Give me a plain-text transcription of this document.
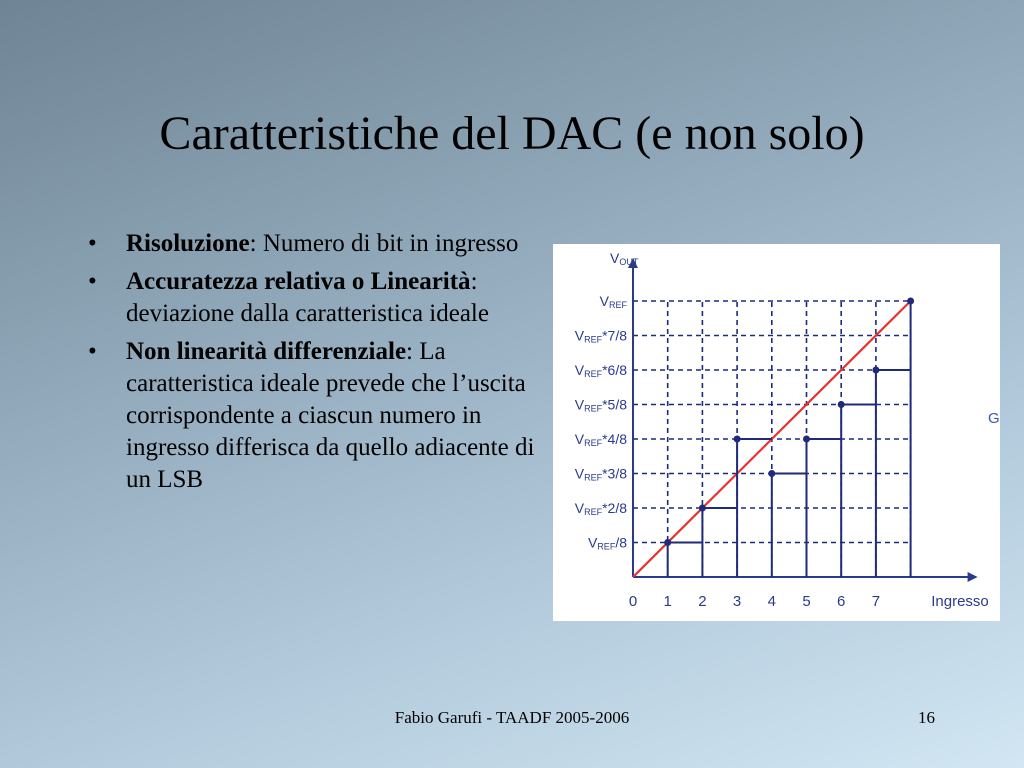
Caratteristiche del DAC (e non solo)
• Risoluzione: Numero di bit in ingresso
• Accuratezza relativa o Linearità: deviazione dalla caratteristica ideale
• Non linearità differenziale: La caratteristica ideale prevede che l’uscita corrispondente a ciascun numero in ingresso differisca da quello adiacente di un LSB
0 1 2 3 4 5 6 7	Ingresso
VOUT
VREF/8
VREF*2/8
VREF*3/8
VREF*4/8
VREF*5/8
VREF*6/8
VREF*7/8
VREF
G
Fabio Garufi - TAADF 2005-2006	16
